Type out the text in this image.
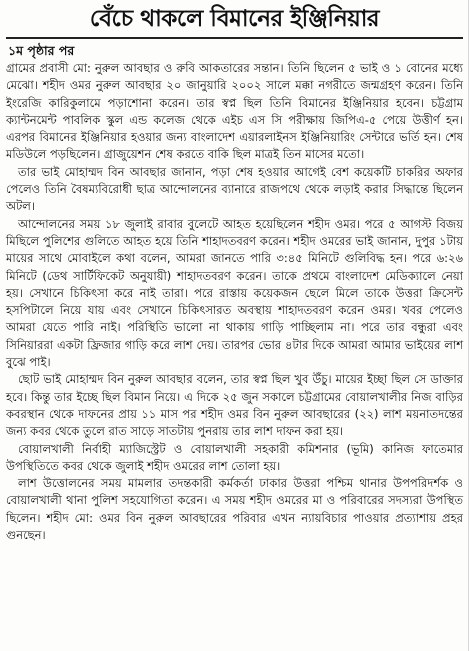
বেঁচে থাকলে বিমানের ইঞ্জিনিয়ার
১ম পৃষ্ঠার পর

গ্রামের প্রবাসী মো: নুরুল আবছার ও রুবি আকতারের সন্তান। তিনি ছিলেন ৫ ভাই ও ১ বোনের মধ্যে মেঝো। শহীদ ওমর নুরুল আবছার ২০ জানুয়ারি ২০০২ সালে মক্কা নগরীতে জন্মগ্রহণ করেন। তিনি ইংরেজি কারিকুলামে পড়াশোনা করেন। তার স্বপ্ন ছিল তিনি বিমানের ইঞ্জিনিয়ার হবেন। চট্টগ্রাম ক্যান্টনমেন্ট পাবলিক স্কুল এন্ড কলেজ থেকে এইচ এস সি পরীক্ষায় জিপিএ-৫ পেয়ে উত্তীর্ণ হন। এরপর বিমানের ইঞ্জিনিয়ার হওয়ার জন্য বাংলাদেশ এয়ারলাইনস ইঞ্জিনিয়ারিং সেন্টারে ভর্তি হন। শেষ মডিউলে পড়ছিলেন। গ্রাজুয়েশন শেষ করতে বাকি ছিল মাত্রই তিন মাসের মতো।

তার ভাই মোহাম্মদ বিন আবছার জানান, পড়া শেষ হওয়ার আগেই বেশ কয়েকটি চাকরির অফার পেলেও তিনি বৈষম্যবিরোধী ছাত্র আন্দোলনের ব্যানারে রাজপথে থেকে লড়াই করার সিদ্ধান্তে ছিলেন অটল।

আন্দোলনের সময় ১৮ জুলাই রাবার বুলেটে আহত হয়েছিলেন শহীদ ওমর। পরে ৫ আগস্ট বিজয় মিছিলে পুলিশের গুলিতে আহত হয়ে তিনি শাহাদতবরণ করেন। শহীদ ওমরের ভাই জানান, দুপুর ১টায় মায়ের সাথে মোবাইলে কথা বলেন, আমরা জানতে পারি ৩:৪৫ মিনিটে গুলিবিদ্ধ হন। পরে ৬:২৬ মিনিটে (ডেথ সার্টিফিকেট অনুযায়ী) শাহাদতবরণ করেন। তাকে প্রথমে বাংলাদেশ মেডিক্যালে নেয়া হয়। সেখানে চিকিৎসা করে নাই তারা। পরে রাস্তায় কয়েকজন ছেলে মিলে তাকে উত্তরা ক্রিসেন্ট হসপিটালে নিয়ে যায় এবং সেখানে চিকিৎসারত অবস্থায় শাহাদতবরণ করেন ওমর। খবর পেলেও আমরা যেতে পারি নাই। পরিস্থিতি ভালো না থাকায় গাড়ি পাচ্ছিলাম না। পরে তার বন্ধুরা এবং সিনিয়াররা একটা ফ্রিজার গাড়ি করে লাশ দেয়। তারপর ভোর ৪টার দিকে আমরা আমার ভাইয়ের লাশ বুঝে পাই।

ছোট ভাই মোহাম্মদ বিন নুরুল আবছার বলেন, তার স্বপ্ন ছিল খুব উঁচু। মায়ের ইচ্ছা ছিল সে ডাক্তার হবে। কিন্তু তার ইচ্ছে ছিল বিমান নিয়ে। এ দিকে ২৫ জুন সকালে চট্টগ্রামের বোয়ালখালীর নিজ বাড়ির কবরস্থান থেকে দাফনের প্রায় ১১ মাস পর শহীদ ওমর বিন নুরুল আবছারের (২২) লাশ ময়নাতদন্তের জন্য কবর থেকে তুলে রাত সাড়ে সাতটায় পুনরায় তার লাশ দাফন করা হয়।

বোয়ালখালী নির্বাহী ম্যাজিস্ট্রেট ও বোয়ালখালী সহকারী কমিশনার (ভূমি) কানিজ ফাতেমার উপস্থিতিতে কবর থেকে জুলাই শহীদ ওমরের লাশ তোলা হয়।

লাশ উত্তোলনের সময় মামলার তদন্তকারী কর্মকর্তা ঢাকার উত্তরা পশ্চিম থানার উপপরিদর্শক ও বোয়ালখালী থানা পুলিশ সহযোগিতা করেন। এ সময় শহীদ ওমরের মা ও পরিবারের সদস্যরা উপস্থিত ছিলেন। শহীদ মো: ওমর বিন নুরুল আবছারের পরিবার এখন ন্যায়বিচার পাওয়ার প্রত্যাশায় প্রহর গুনছেন।
